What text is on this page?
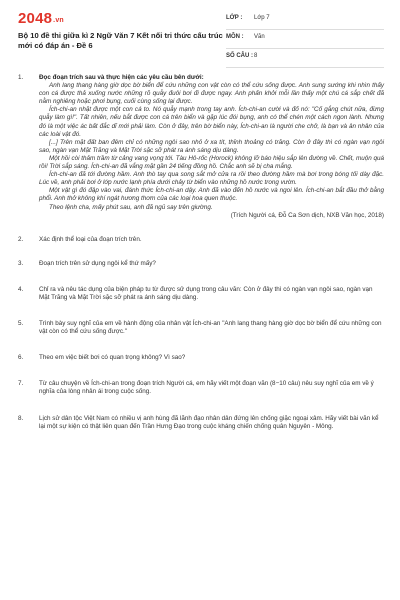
2048.vn
Bộ 10 đề thi giữa kì 2 Ngữ Văn 7 Kết nối tri thức cấu trúc mới có đáp án - Đề 6
LỚP : Lớp 7
MÔN : Văn
SỐ CÂU : 8
1. Đọc đoạn trích sau và thực hiện các yêu cầu bên dưới:

Anh lang thang hàng giờ dọc bờ biển để cứu những con vật còn có thể cứu sống được. Anh sung sướng khi nhìn thấy con cá được thả xuống nước những rõ quẫy đuôi bơi đi được ngay. Anh phấn khởi mỗi lần thấy một chú cá sắp chết đã nằm nghiêng hoặc phơi bụng, cuối cùng sống lại được.

Ích-chi-an nhặt được một con cá to. Nó quẫy mạnh trong tay anh. Ích-chi-an cười và đố nó: "Cố gắng chút nữa, đừng quẫy làm gì!". Tất nhiên, nếu bắt được con cá trên biển và gặp lúc đói bụng, anh có thể chén một cách ngon lành. Nhưng đó là một việc ác bất đắc dĩ mới phải làm. Còn ở đây, trên bờ biển này, Ích-chi-an là người che chở, là bạn và ân nhân của các loài vật đó.

[...] Trên mặt đất ban đêm chỉ có những ngôi sao nhỏ ở xa tít, thỉnh thoảng có trăng. Còn ở đây thì có ngàn vạn ngôi sao, ngàn vạn Mặt Trăng và Mặt Trời sặc sỡ phát ra ánh sáng dịu dàng.

Một hồi còi thảm trầm từ cảng vang vọng tới. Tàu Hô-rốc (Horock) không lỡ báo hiệu sắp lên đường về. Chết, muộn quá rồi! Trời sắp sáng. Ích-chi-an đã vắng mặt gần 24 tiếng đồng hồ. Chắc anh sẽ bị cha mắng.

Ích-chi-an đã tới đường hầm. Anh thò tay qua song sắt mở cửa ra rồi theo đường hầm mà bơi trong bóng tối dày đặc. Lúc về, anh phải bơi ở lớp nước lạnh phía dưới chảy từ biển vào những hồ nước trong vườn.

Một vật gì đó đập vào vai, đánh thức Ích-chi-an dậy. Anh đã vào đến hồ nước và ngoi lên. Ích-chi-an bắt đầu thở bằng phổi. Anh thở không khí ngát hương thơm của các loại hoa quen thuộc.

Theo lệnh cha, mấy phút sau, anh đã ngủ say trên giường.

(Trích Người cá, Đỗ Ca Sơn dịch, NXB Văn học, 2018)
2. Xác định thể loại của đoạn trích trên.
3. Đoạn trích trên sử dụng ngôi kể thứ mấy?
4. Chỉ ra và nêu tác dụng của biện pháp tu từ được sử dụng trong câu văn: Còn ở đây thì có ngàn vạn ngôi sao, ngàn vạn Mặt Trăng và Mặt Trời sặc sỡ phát ra ánh sáng dịu dàng.
5. Trình bày suy nghĩ của em về hành động của nhân vật Ích-chi-an "Anh lang thang hàng giờ dọc bờ biển để cứu những con vật còn có thể cứu sống được."
6. Theo em việc biết bơi có quan trọng không? Vì sao?
7. Từ câu chuyện về Ích-chi-an trong đoạn trích Người cá, em hãy viết một đoạn văn (8−10 câu) nêu suy nghĩ của em về ý nghĩa của lòng nhân ái trong cuộc sống.
8. Lịch sử dân tộc Việt Nam có nhiều vị anh hùng đã lãnh đạo nhân dân đứng lên chống giặc ngoại xâm. Hãy viết bài văn kể lại một sự kiện có thật liên quan đến Trần Hưng Đạo trong cuộc kháng chiến chống quân Nguyên - Mông.
